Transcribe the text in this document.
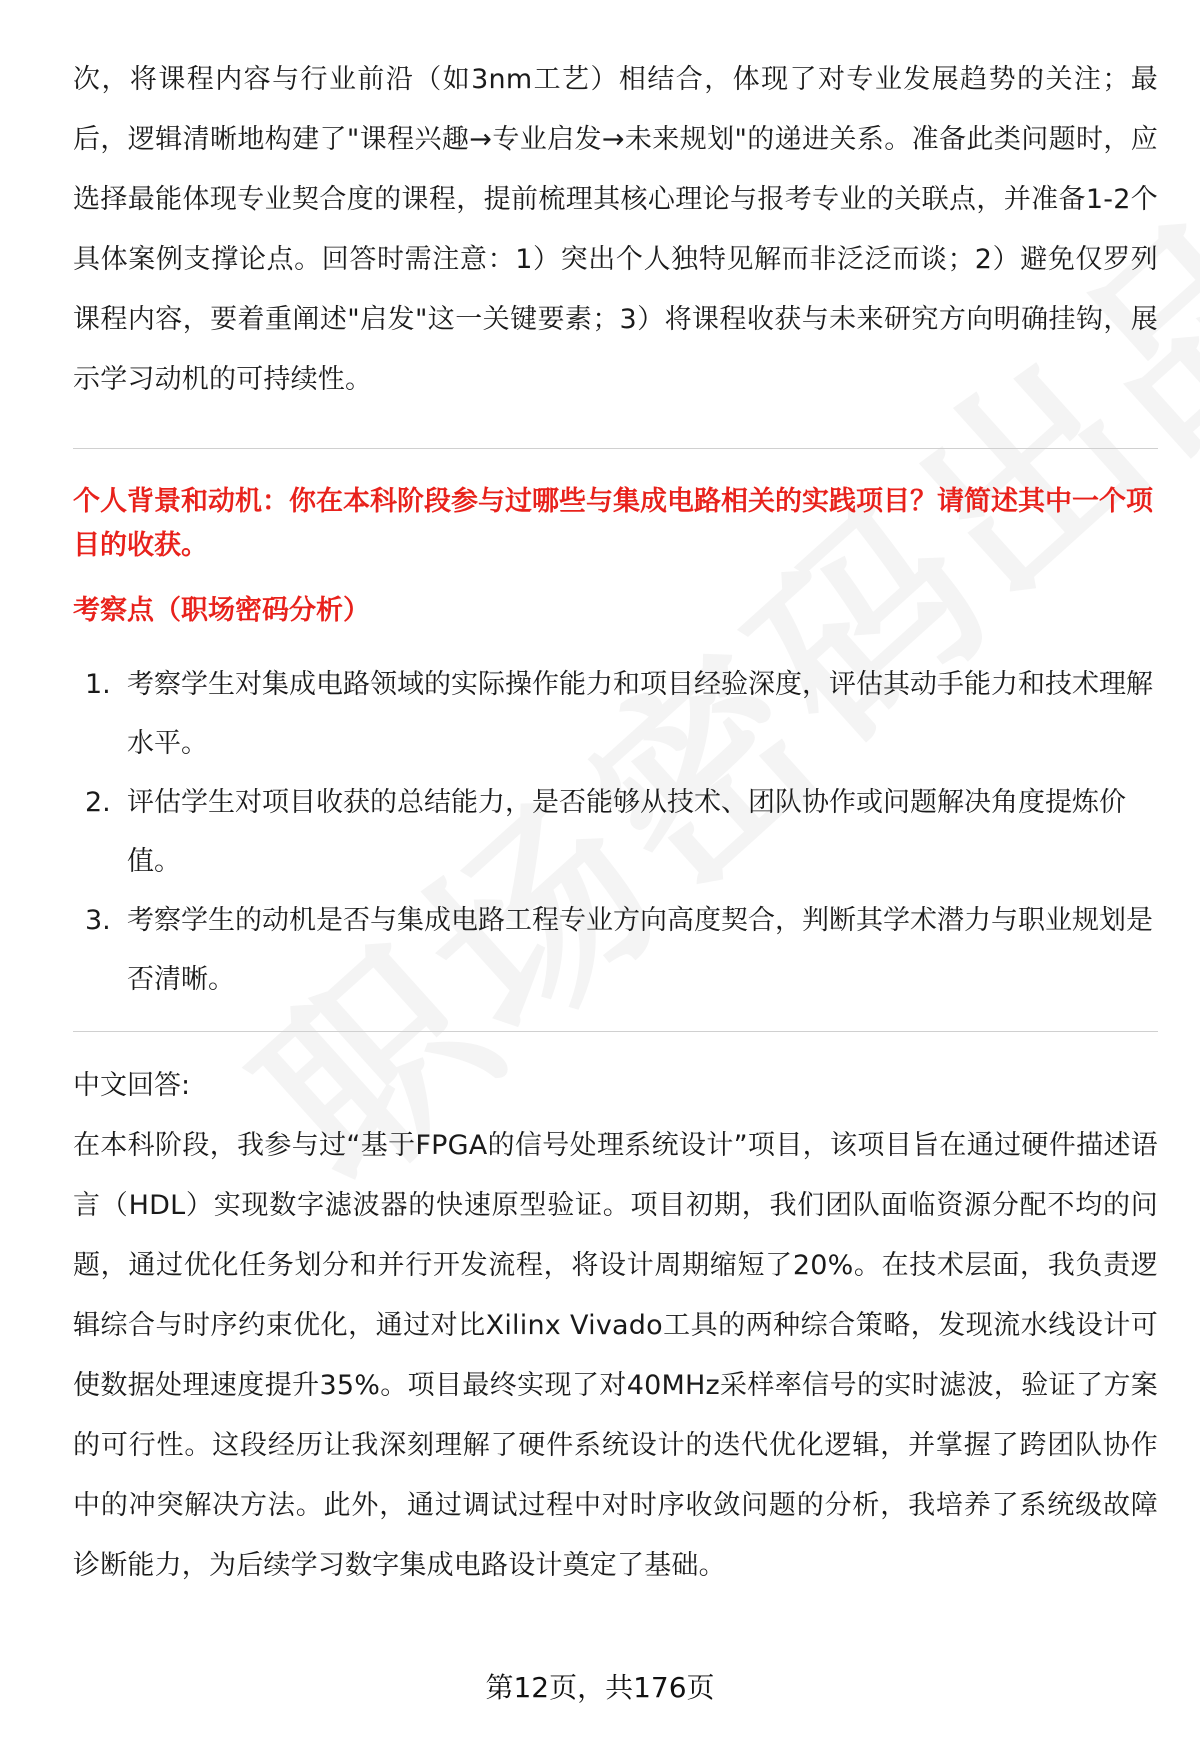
次，将课程内容与行业前沿（如3nm工艺）相结合，体现了对专业发展趋势的关注；最后，逻辑清晰地构建了"课程兴趣→专业启发→未来规划"的递进关系。准备此类问题时，应选择最能体现专业契合度的课程，提前梳理其核心理论与报考专业的关联点，并准备1-2个具体案例支撑论点。回答时需注意：1）突出个人独特见解而非泛泛而谈；2）避免仅罗列课程内容，要着重阐述"启发"这一关键要素；3）将课程收获与未来研究方向明确挂钩，展示学习动机的可持续性。

个人背景和动机：你在本科阶段参与过哪些与集成电路相关的实践项目？请简述其中一个项目的收获。

考察点（职场密码分析）

1. 考察学生对集成电路领域的实际操作能力和项目经验深度，评估其动手能力和技术理解水平。
2. 评估学生对项目收获的总结能力，是否能够从技术、团队协作或问题解决角度提炼价值。
3. 考察学生的动机是否与集成电路工程专业方向高度契合，判断其学术潜力与职业规划是否清晰。

中文回答:

在本科阶段，我参与过“基于FPGA的信号处理系统设计”项目，该项目旨在通过硬件描述语言（HDL）实现数字滤波器的快速原型验证。项目初期，我们团队面临资源分配不均的问题，通过优化任务划分和并行开发流程，将设计周期缩短了20%。在技术层面，我负责逻辑综合与时序约束优化，通过对比Xilinx Vivado工具的两种综合策略，发现流水线设计可使数据处理速度提升35%。项目最终实现了对40MHz采样率信号的实时滤波，验证了方案的可行性。这段经历让我深刻理解了硬件系统设计的迭代优化逻辑，并掌握了跨团队协作中的冲突解决方法。此外，通过调试过程中对时序收敛问题的分析，我培养了系统级故障诊断能力，为后续学习数字集成电路设计奠定了基础。

第12页，共176页
